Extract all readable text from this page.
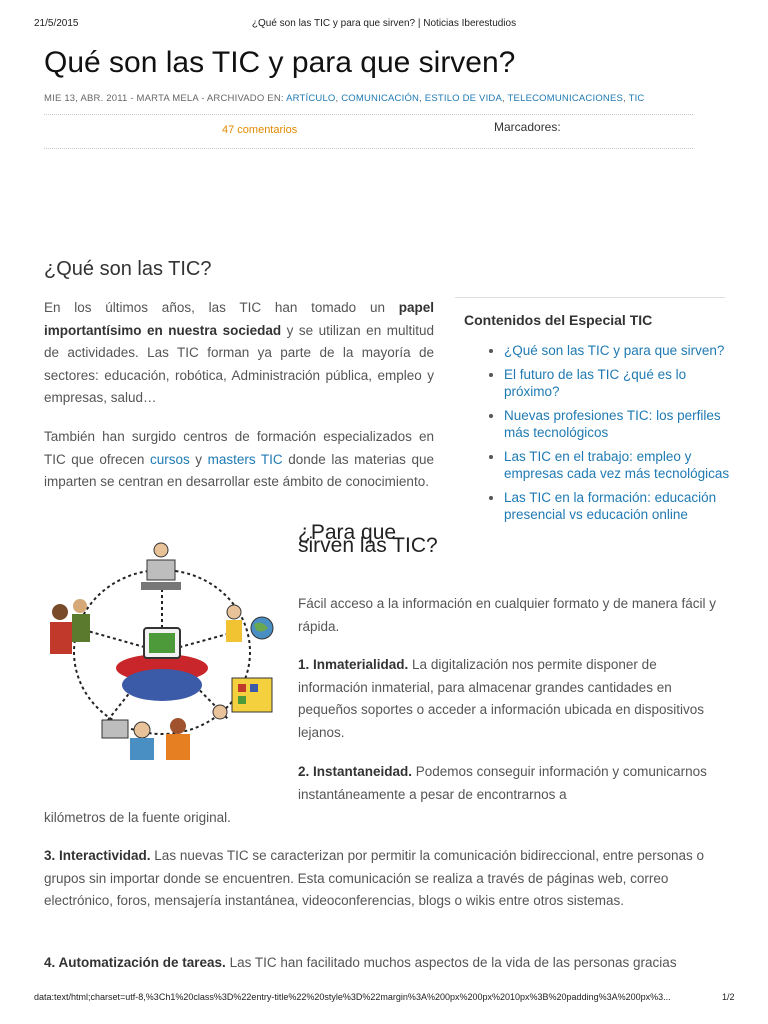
21/5/2015	¿Qué son las TIC y para que sirven? | Noticias Iberestudios
Qué son las TIC y para que sirven?
MIE 13, ABR. 2011 - MARTA MELA - ARCHIVADO EN: ARTÍCULO, COMUNICACIÓN, ESTILO DE VIDA, TELECOMUNICACIONES, TIC
47 comentarios	Marcadores:
¿Qué son las TIC?
En los últimos años, las TIC han tomado un papel importantísimo en nuestra sociedad y se utilizan en multitud de actividades. Las TIC forman ya parte de la mayoría de sectores: educación, robótica, Administración pública, empleo y empresas, salud…
También han surgido centros de formación especializados en TIC que ofrecen cursos y masters TIC donde las materias que imparten se centran en desarrollar este ámbito de conocimiento.
Contenidos del Especial TIC
• ¿Qué son las TIC y para que sirven?
• El futuro de las TIC ¿qué es lo próximo?
• Nuevas profesiones TIC: los perfiles más tecnológicos
• Las TIC en el trabajo: empleo y empresas cada vez más tecnológicas
• Las TIC en la formación: educación presencial vs educación online
¿Para que sirven las TIC?
Fácil acceso a la información en cualquier formato y de manera fácil y rápida.
1. Inmaterialidad. La digitalización nos permite disponer de información inmaterial, para almacenar grandes cantidades en pequeños soportes o acceder a información ubicada en dispositivos lejanos.
2. Instantaneidad. Podemos conseguir información y comunicarnos instantáneamente a pesar de encontrarnos a
kilómetros de la fuente original.
3. Interactividad. Las nuevas TIC se caracterizan por permitir la comunicación bidireccional, entre personas o grupos sin importar donde se encuentren. Esta comunicación se realiza a través de páginas web, correo electrónico, foros, mensajería instantánea, videoconferencias, blogs o wikis entre otros sistemas.
4. Automatización de tareas. Las TIC han facilitado muchos aspectos de la vida de las personas gracias
data:text/html;charset=utf-8,%3Ch1%20class%3D%22entry-title%22%20style%3D%22margin%3A%200px%200px%2010px%3B%20padding%3A%200px%3...	1/2
